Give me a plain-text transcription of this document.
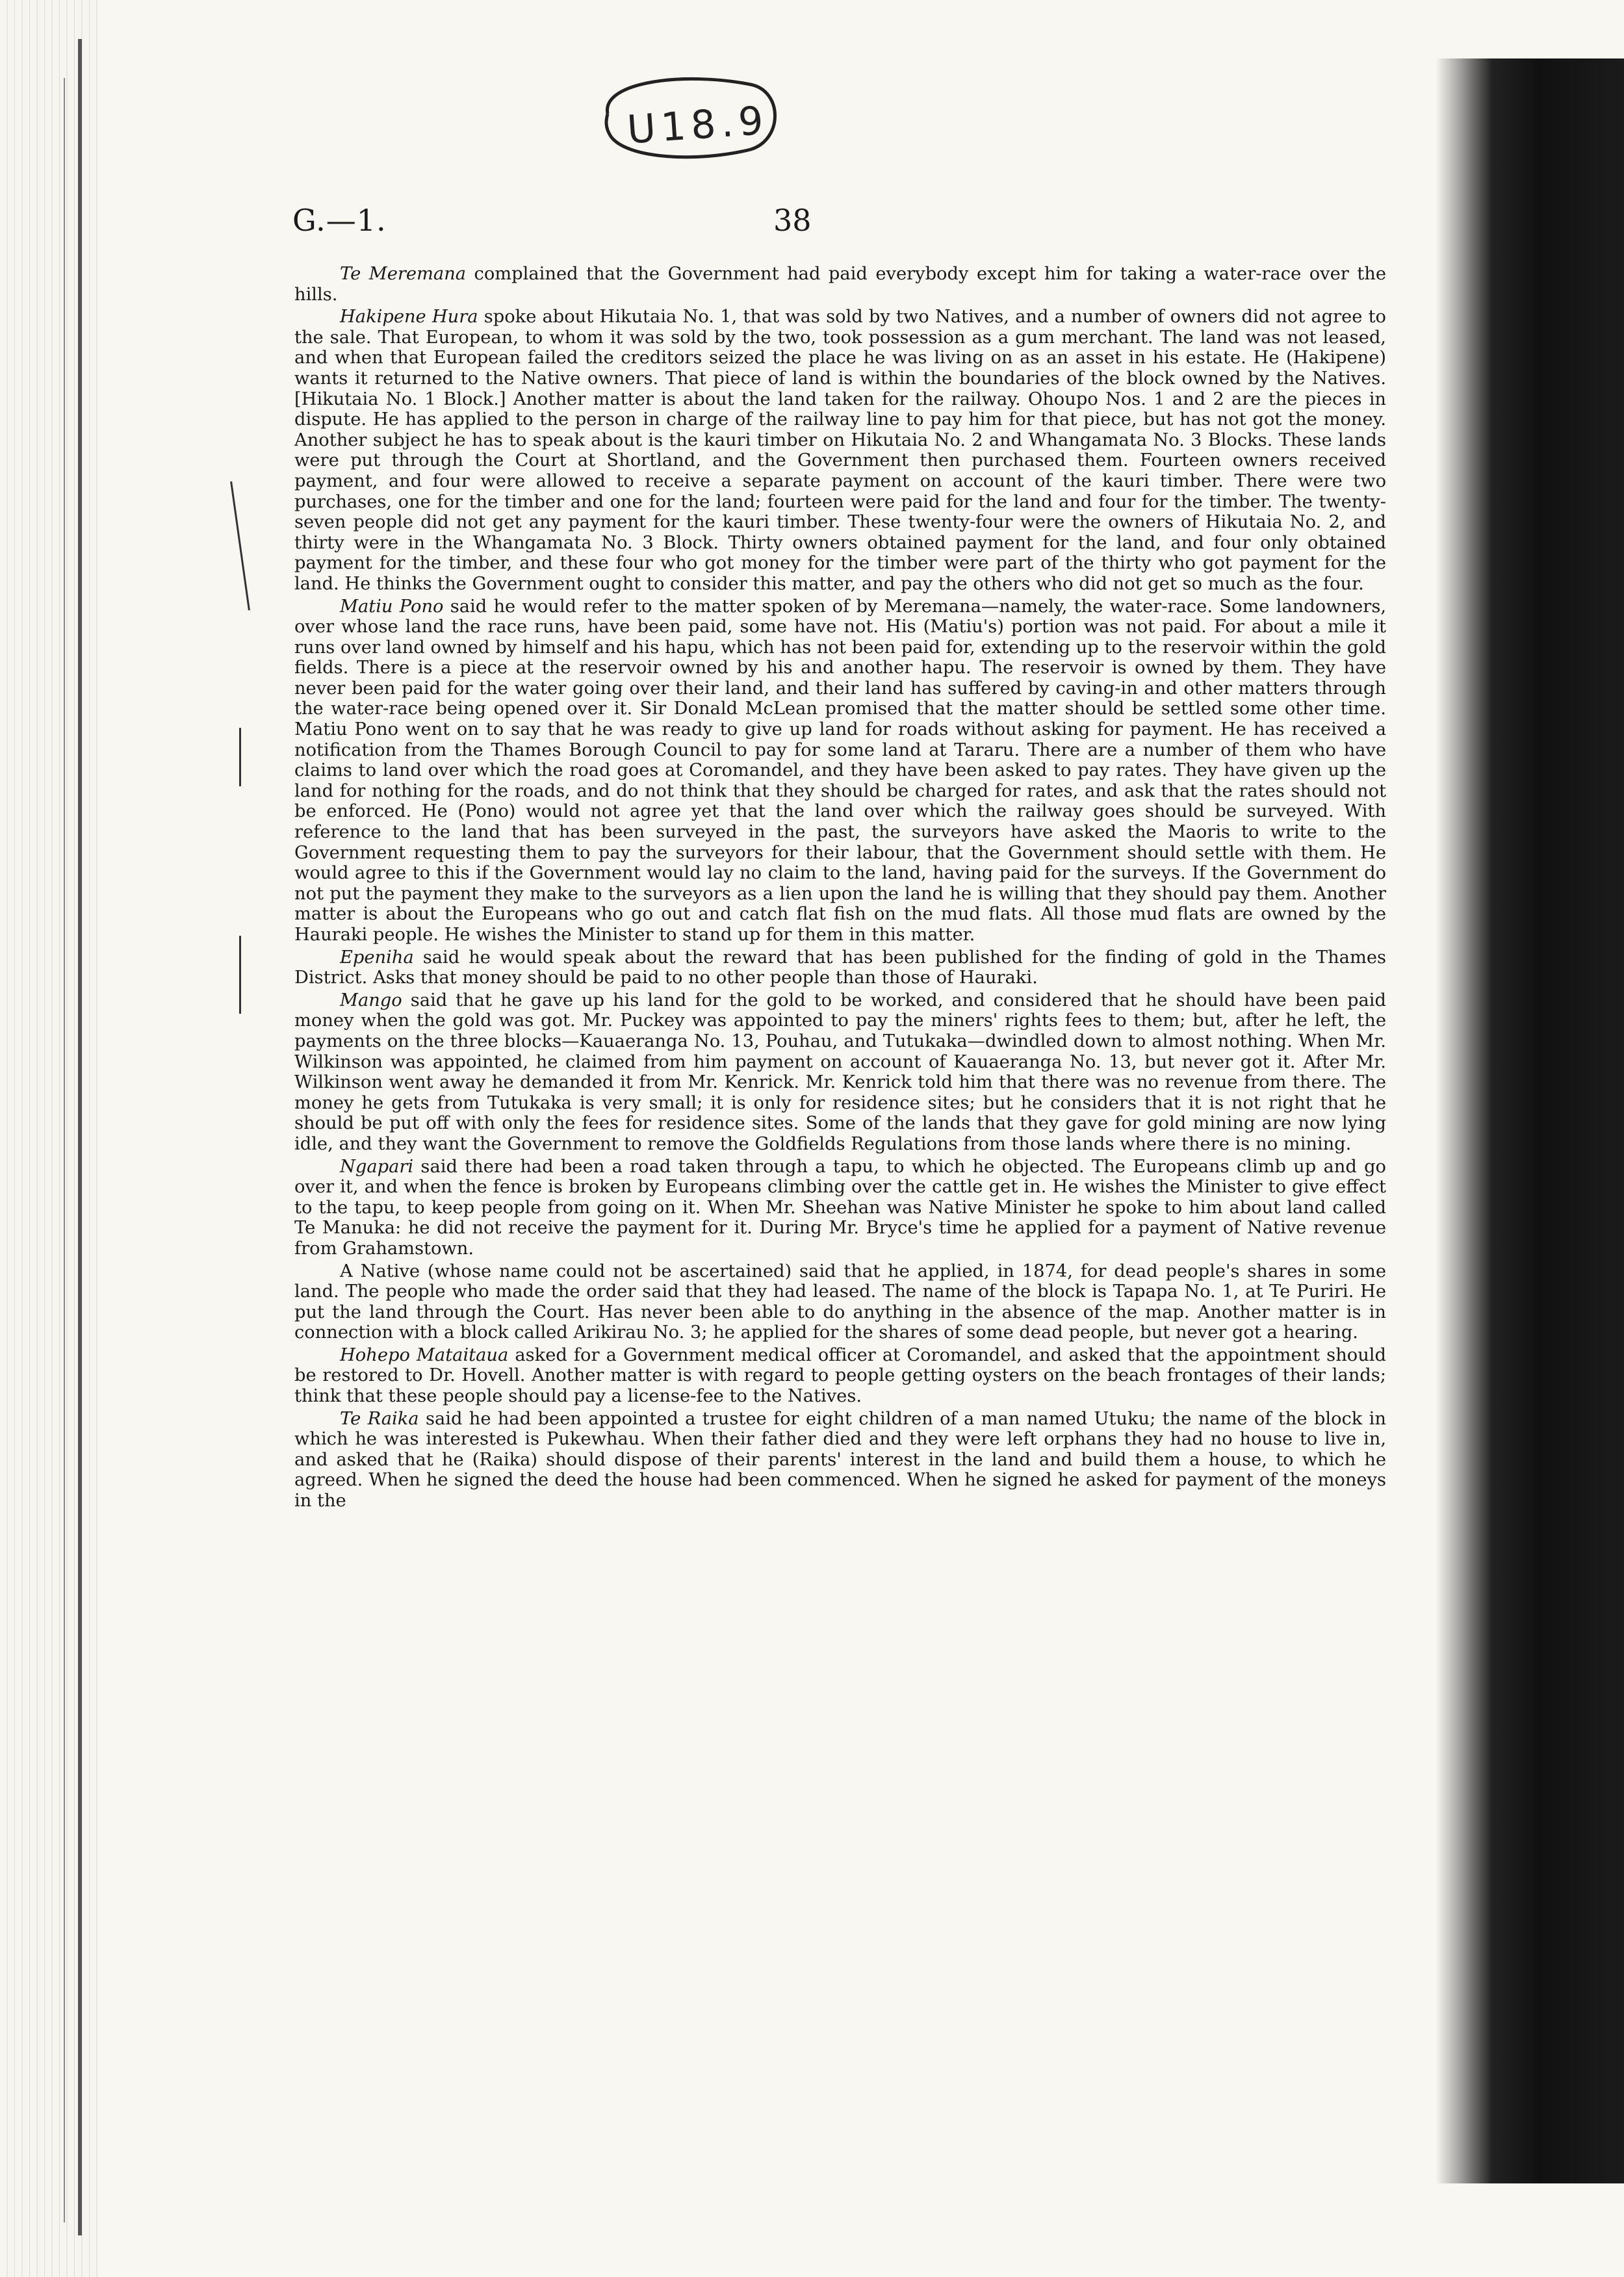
U18.9
G.—1.	38

Te Meremana complained that the Government had paid everybody except him for taking a water-race over the hills.

Hakipene Hura spoke about Hikutaia No. 1, that was sold by two Natives, and a number of owners did not agree to the sale. That European, to whom it was sold by the two, took possession as a gum merchant. The land was not leased, and when that European failed the creditors seized the place he was living on as an asset in his estate. He (Hakipene) wants it returned to the Native owners. That piece of land is within the boundaries of the block owned by the Natives. [Hikutaia No. 1 Block.] Another matter is about the land taken for the railway. Ohoupo Nos. 1 and 2 are the pieces in dispute. He has applied to the person in charge of the railway line to pay him for that piece, but has not got the money. Another subject he has to speak about is the kauri timber on Hikutaia No. 2 and Whangamata No. 3 Blocks. These lands were put through the Court at Shortland, and the Government then purchased them. Fourteen owners received payment, and four were allowed to receive a separate payment on account of the kauri timber. There were two purchases, one for the timber and one for the land; fourteen were paid for the land and four for the timber. The twenty-seven people did not get any payment for the kauri timber. These twenty-four were the owners of Hikutaia No. 2, and thirty were in the Whangamata No. 3 Block. Thirty owners obtained payment for the land, and four only obtained payment for the timber, and these four who got money for the timber were part of the thirty who got payment for the land. He thinks the Government ought to consider this matter, and pay the others who did not get so much as the four.

Matiu Pono said he would refer to the matter spoken of by Meremana—namely, the water-race. Some landowners, over whose land the race runs, have been paid, some have not. His (Matiu's) portion was not paid. For about a mile it runs over land owned by himself and his hapu, which has not been paid for, extending up to the reservoir within the gold fields. There is a piece at the reservoir owned by his and another hapu. The reservoir is owned by them. They have never been paid for the water going over their land, and their land has suffered by caving-in and other matters through the water-race being opened over it. Sir Donald McLean promised that the matter should be settled some other time. Matiu Pono went on to say that he was ready to give up land for roads without asking for payment. He has received a notification from the Thames Borough Council to pay for some land at Tararu. There are a number of them who have claims to land over which the road goes at Coromandel, and they have been asked to pay rates. They have given up the land for nothing for the roads, and do not think that they should be charged for rates, and ask that the rates should not be enforced. He (Pono) would not agree yet that the land over which the railway goes should be surveyed. With reference to the land that has been surveyed in the past, the surveyors have asked the Maoris to write to the Government requesting them to pay the surveyors for their labour, that the Government should settle with them. He would agree to this if the Government would lay no claim to the land, having paid for the surveys. If the Government do not put the payment they make to the surveyors as a lien upon the land he is willing that they should pay them. Another matter is about the Europeans who go out and catch flat fish on the mud flats. All those mud flats are owned by the Hauraki people. He wishes the Minister to stand up for them in this matter.

Epeniha said he would speak about the reward that has been published for the finding of gold in the Thames District. Asks that money should be paid to no other people than those of Hauraki.

Mango said that he gave up his land for the gold to be worked, and considered that he should have been paid money when the gold was got. Mr. Puckey was appointed to pay the miners' rights fees to them; but, after he left, the payments on the three blocks—Kauaeranga No. 13, Pouhau, and Tutukaka—dwindled down to almost nothing. When Mr. Wilkinson was appointed, he claimed from him payment on account of Kauaeranga No. 13, but never got it. After Mr. Wilkinson went away he demanded it from Mr. Kenrick. Mr. Kenrick told him that there was no revenue from there. The money he gets from Tutukaka is very small; it is only for residence sites; but he considers that it is not right that he should be put off with only the fees for residence sites. Some of the lands that they gave for gold mining are now lying idle, and they want the Government to remove the Goldfields Regulations from those lands where there is no mining.

Ngapari said there had been a road taken through a tapu, to which he objected. The Europeans climb up and go over it, and when the fence is broken by Europeans climbing over the cattle get in. He wishes the Minister to give effect to the tapu, to keep people from going on it. When Mr. Sheehan was Native Minister he spoke to him about land called Te Manuka: he did not receive the payment for it. During Mr. Bryce's time he applied for a payment of Native revenue from Grahamstown.

A Native (whose name could not be ascertained) said that he applied, in 1874, for dead people's shares in some land. The people who made the order said that they had leased. The name of the block is Tapapa No. 1, at Te Puriri. He put the land through the Court. Has never been able to do anything in the absence of the map. Another matter is in connection with a block called Arikirau No. 3; he applied for the shares of some dead people, but never got a hearing.

Hohepo Mataitaua asked for a Government medical officer at Coromandel, and asked that the appointment should be restored to Dr. Hovell. Another matter is with regard to people getting oysters on the beach frontages of their lands; think that these people should pay a license-fee to the Natives.

Te Raika said he had been appointed a trustee for eight children of a man named Utuku; the name of the block in which he was interested is Pukewhau. When their father died and they were left orphans they had no house to live in, and asked that he (Raika) should dispose of their parents' interest in the land and build them a house, to which he agreed. When he signed the deed the house had been commenced. When he signed he asked for payment of the moneys in the
